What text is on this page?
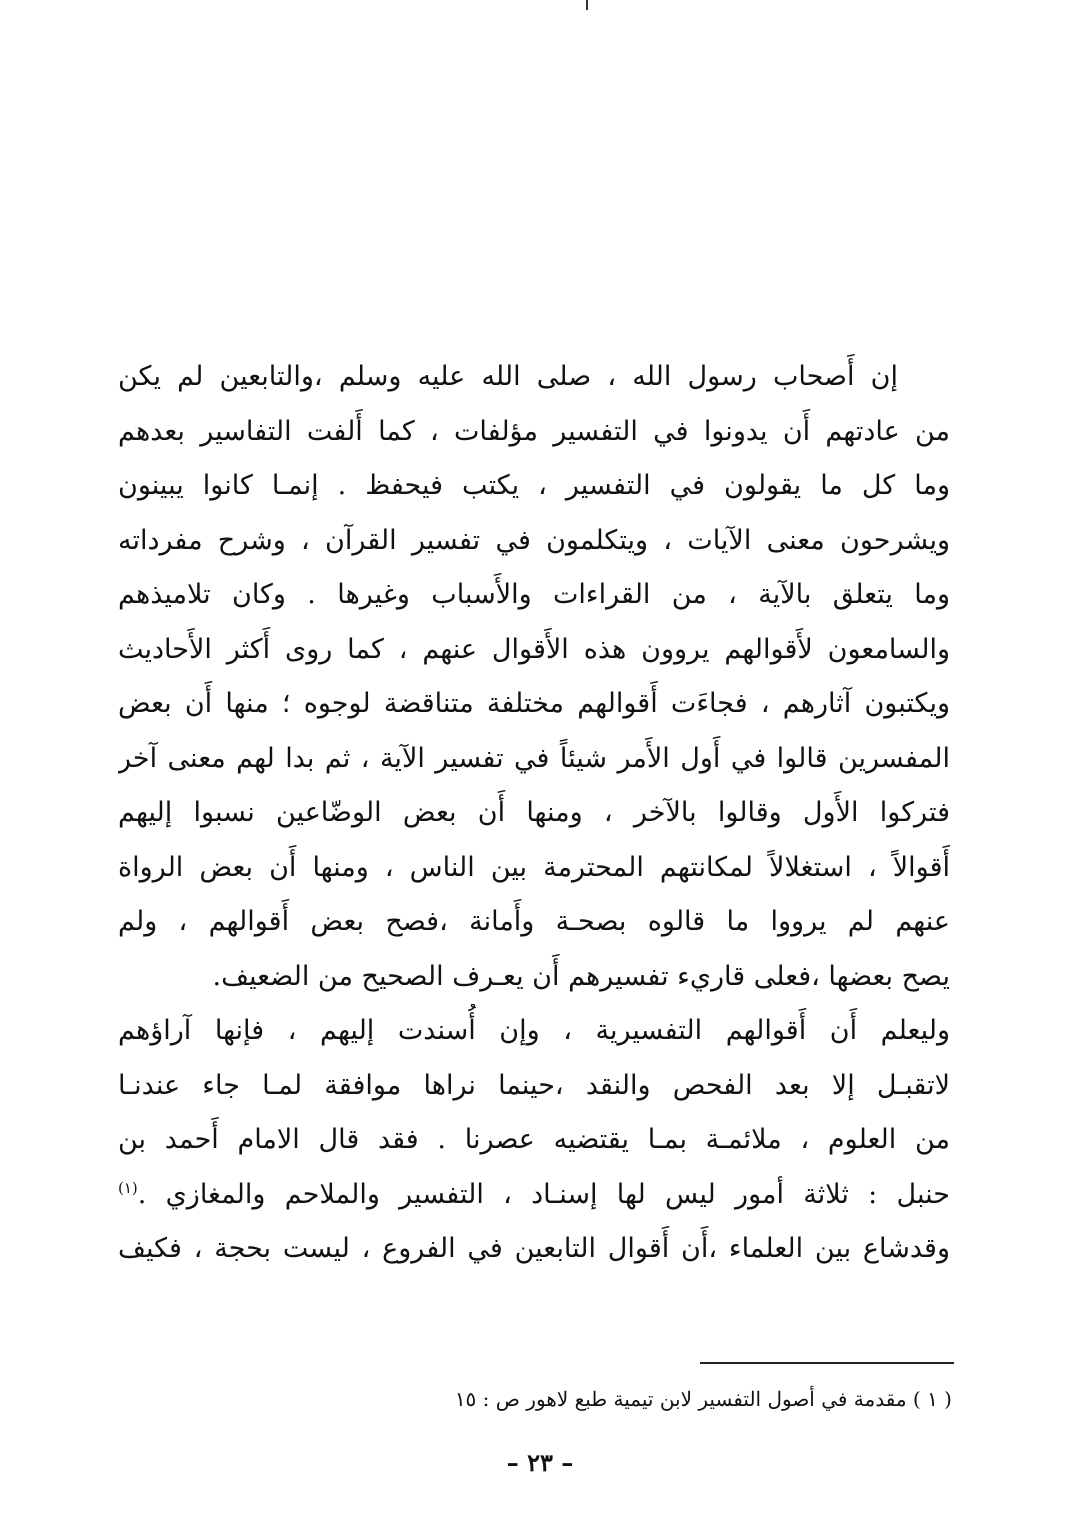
إن أَصحاب رسول الله ، صلى الله عليه وسلم ،والتابعين لم يكن
من عادتهم أَن يدونوا في التفسير مؤلفات ، كما أَلفت التفاسير بعدهم
وما كل ما يقولون في التفسير ، يكتب فيحفظ . إنمـا كانوا يبينون
ويشرحون معنى الآيات ، ويتكلمون في تفسير القرآن ، وشرح مفرداته
وما يتعلق بالآية ، من القراءات والأَسباب وغيرها . وكان تلاميذهم
والسامعون لأَقوالهم يروون هذه الأَقوال عنهم ، كما روى أَكثر الأَحاديث
ويكتبون آثارهم ، فجاءَت أَقوالهم مختلفة متناقضة لوجوه ؛ منها أَن بعض
المفسرين قالوا في أَول الأَمر شيئاً في تفسير الآية ، ثم بدا لهم معنى آخر
فتركوا الأَول وقالوا بالآخر ، ومنها أَن بعض الوضّاعين نسبوا إليهم
أَقوالاً ، استغلالاً لمكانتهم المحترمة بين الناس ، ومنها أَن بعض الرواة
عنهم لم يرووا ما قالوه بصحـة وأَمانة ،فصح بعض أَقوالهم ، ولم
يصح بعضها ،فعلى قاريء تفسيرهم أَن يعـرف الصحيح من الضعيف.
وليعلم أَن أَقوالهم التفسيرية ، وإن أُسندت إليهم ، فإنها آراؤهم
لاتقبـل إلا بعد الفحص والنقد ،حينما نراها موافقة لمـا جاء عندنـا
من العلوم ، ملائمـة بمـا يقتضيه عصرنا . فقد قال الامام أَحمد بن
حنبل : ثلاثة أمور ليس لها إسنـاد ، التفسير والملاحم والمغازي .$^{(١)}$
وقدشاع بين العلماء ،أَن أَقوال التابعين في الفروع ، ليست بحجة ، فكيف
( ١ ) مقدمة في أصول التفسير لابن تيمية طبع لاهور ص : ١٥
– ٢٣ –
